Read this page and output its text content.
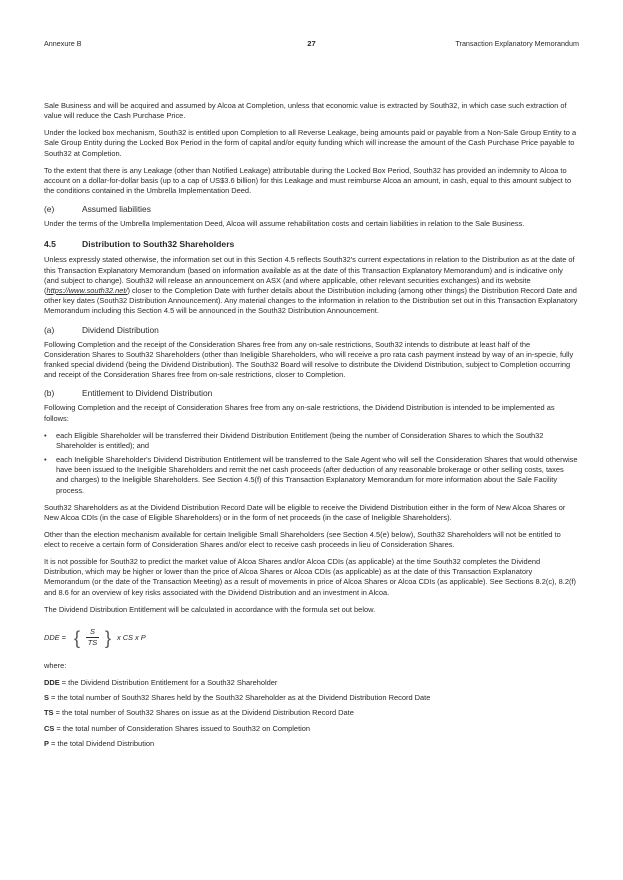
Annexure B	27	Transaction Explanatory Memorandum

Sale Business and will be acquired and assumed by Alcoa at Completion, unless that economic value is extracted by South32, in which case such extraction of value will reduce the Cash Purchase Price.

Under the locked box mechanism, South32 is entitled upon Completion to all Reverse Leakage, being amounts paid or payable from a Non-Sale Group Entity to a Sale Group Entity during the Locked Box Period in the form of capital and/or equity funding which will increase the amount of the Cash Purchase Price payable to South32 at Completion.

To the extent that there is any Leakage (other than Notified Leakage) attributable during the Locked Box Period, South32 has provided an indemnity to Alcoa to account on a dollar-for-dollar basis (up to a cap of US$3.6 billion) for this Leakage and must reimburse Alcoa an amount, in cash, equal to this amount subject to the conditions contained in the Umbrella Implementation Deed.

(e)	Assumed liabilities

Under the terms of the Umbrella Implementation Deed, Alcoa will assume rehabilitation costs and certain liabilities in relation to the Sale Business.

4.5	Distribution to South32 Shareholders

Unless expressly stated otherwise, the information set out in this Section 4.5 reflects South32's current expectations in relation to the Distribution as at the date of this Transaction Explanatory Memorandum (based on information available as at the date of this Transaction Explanatory Memorandum) and is indicative only (and subject to change). South32 will release an announcement on ASX (and where applicable, other relevant securities exchanges) and its website (https://www.south32.net/) closer to the Completion Date with further details about the Distribution including (among other things) the Distribution Record Date and other key dates (South32 Distribution Announcement). Any material changes to the information in relation to the Distribution set out in this Transaction Explanatory Memorandum including this Section 4.5 will be announced in the South32 Distribution Announcement.

(a)	Dividend Distribution

Following Completion and the receipt of the Consideration Shares free from any on-sale restrictions, South32 intends to distribute at least half of the Consideration Shares to South32 Shareholders (other than Ineligible Shareholders, who will receive a pro rata cash payment instead by way of an in-specie, fully franked special dividend (being the Dividend Distribution). The South32 Board will resolve to distribute the Dividend Distribution, subject to Completion occurring and receipt of the Consideration Shares free from on-sale restrictions, closer to Completion.

(b)	Entitlement to Dividend Distribution

Following Completion and the receipt of Consideration Shares free from any on-sale restrictions, the Dividend Distribution is intended to be implemented as follows:

• each Eligible Shareholder will be transferred their Dividend Distribution Entitlement (being the number of Consideration Shares to which the South32 Shareholder is entitled); and
• each Ineligible Shareholder's Dividend Distribution Entitlement will be transferred to the Sale Agent who will sell the Consideration Shares that would otherwise have been issued to the Ineligible Shareholders and remit the net cash proceeds (after deduction of any reasonable brokerage or other selling costs, taxes and charges) to the Ineligible Shareholders. See Section 4.5(f) of this Transaction Explanatory Memorandum for more information about the Sale Facility process.

South32 Shareholders as at the Dividend Distribution Record Date will be eligible to receive the Dividend Distribution either in the form of New Alcoa Shares or New Alcoa CDIs (in the case of Eligible Shareholders) or in the form of net proceeds (in the case of Ineligible Shareholders).

Other than the election mechanism available for certain Ineligible Small Shareholders (see Section 4.5(e) below), South32 Shareholders will not be entitled to elect to receive a certain form of Consideration Shares and/or elect to receive cash proceeds in lieu of Consideration Shares.

It is not possible for South32 to predict the market value of Alcoa Shares and/or Alcoa CDIs (as applicable) at the time South32 completes the Dividend Distribution, which may be higher or lower than the price of Alcoa Shares or Alcoa CDIs (as applicable) as at the date of this Transaction Explanatory Memorandum (or the date of the Transaction Meeting) as a result of movements in price of Alcoa Shares or Alcoa CDIs (as applicable). See Sections 8.2(c), 8.2(f) and 8.6 for an overview of key risks associated with the Dividend Distribution and an investment in Alcoa.

The Dividend Distribution Entitlement will be calculated in accordance with the formula set out below.

DDE = { $\frac{S}{TS}$ } x CS x P

where:

DDE = the Dividend Distribution Entitlement for a South32 Shareholder

S = the total number of South32 Shares held by the South32 Shareholder as at the Dividend Distribution Record Date

TS = the total number of South32 Shares on issue as at the Dividend Distribution Record Date

CS = the total number of Consideration Shares issued to South32 on Completion

P = the total Dividend Distribution
